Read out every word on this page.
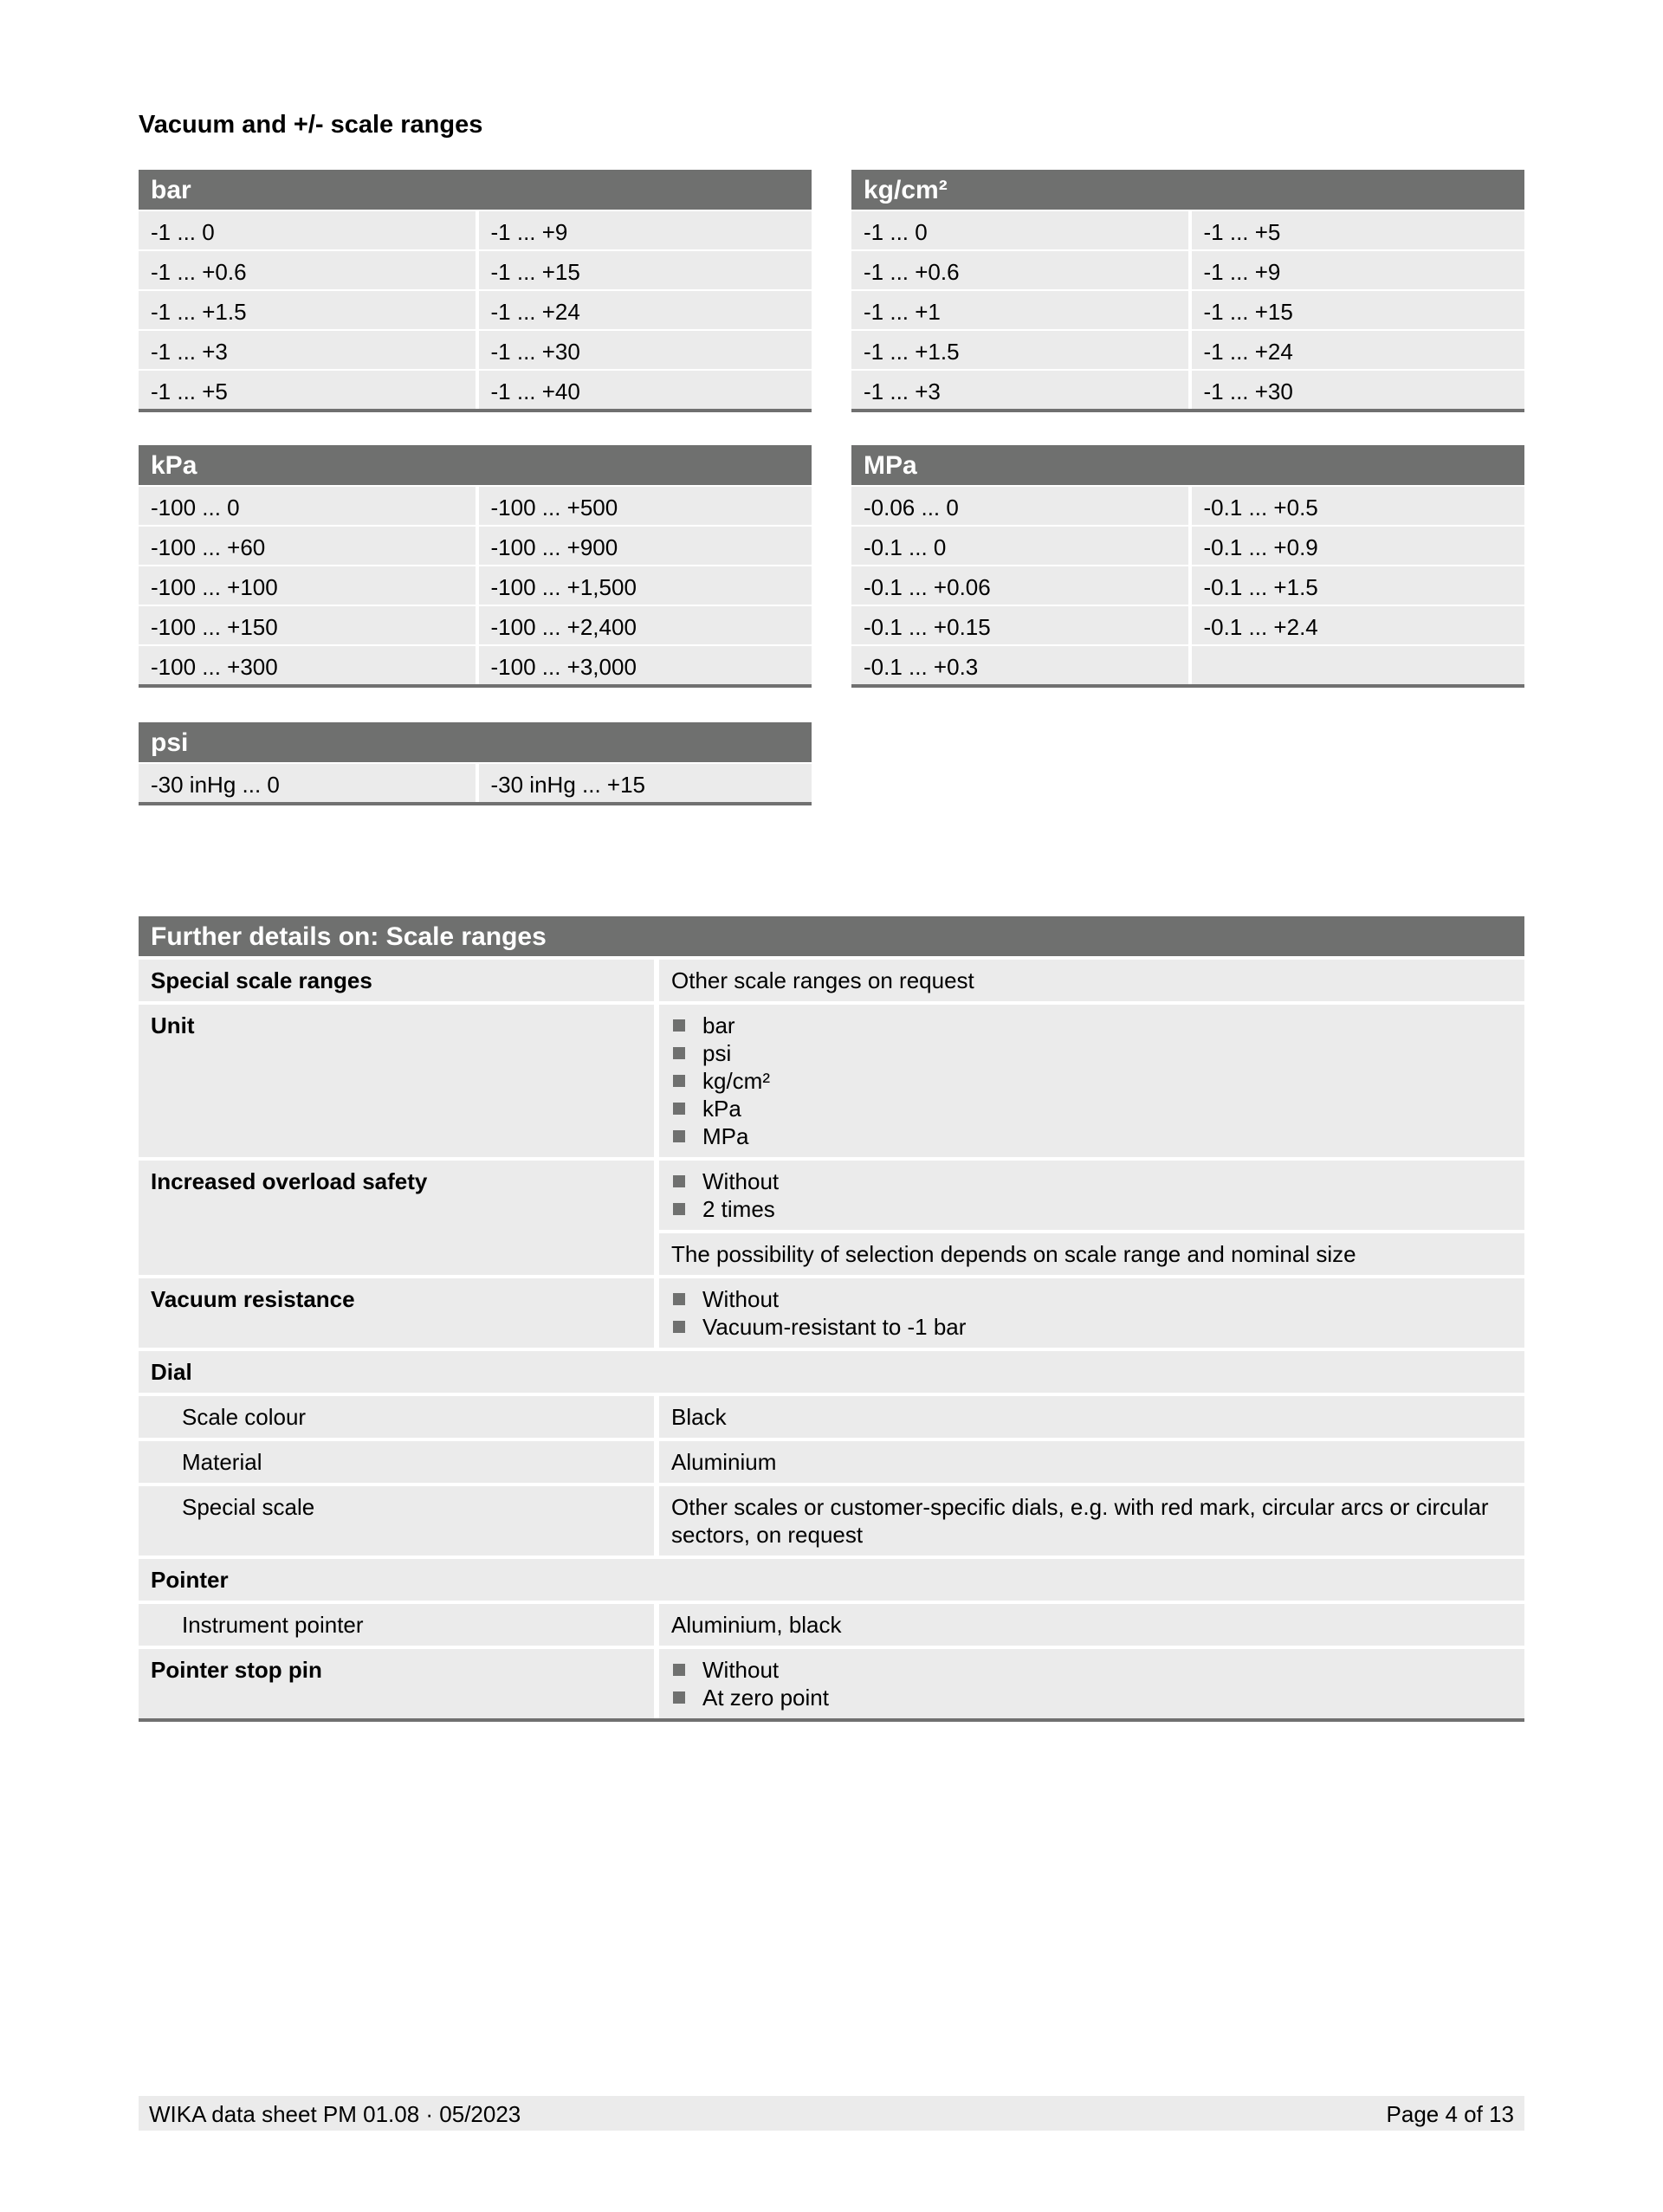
Vacuum and +/- scale ranges
bar
-1 ... 0	-1 ... +9
-1 ... +0.6	-1 ... +15
-1 ... +1.5	-1 ... +24
-1 ... +3	-1 ... +30
-1 ... +5	-1 ... +40
kg/cm²
-1 ... 0	-1 ... +5
-1 ... +0.6	-1 ... +9
-1 ... +1	-1 ... +15
-1 ... +1.5	-1 ... +24
-1 ... +3	-1 ... +30
kPa
-100 ... 0	-100 ... +500
-100 ... +60	-100 ... +900
-100 ... +100	-100 ... +1,500
-100 ... +150	-100 ... +2,400
-100 ... +300	-100 ... +3,000
MPa
-0.06 ... 0	-0.1 ... +0.5
-0.1 ... 0	-0.1 ... +0.9
-0.1 ... +0.06	-0.1 ... +1.5
-0.1 ... +0.15	-0.1 ... +2.4
-0.1 ... +0.3
psi
-30 inHg ... 0	-30 inHg ... +15
Further details on: Scale ranges
Special scale ranges	Other scale ranges on request
Unit	bar
psi
kg/cm²
kPa
MPa
Increased overload safety	Without
2 times
The possibility of selection depends on scale range and nominal size
Vacuum resistance	Without
Vacuum-resistant to -1 bar
Dial
Scale colour	Black
Material	Aluminium
Special scale	Other scales or customer-specific dials, e.g. with red mark, circular arcs or circular sectors, on request
Pointer
Instrument pointer	Aluminium, black
Pointer stop pin	Without
At zero point
WIKA data sheet PM 01.08 · 05/2023	Page 4 of 13
